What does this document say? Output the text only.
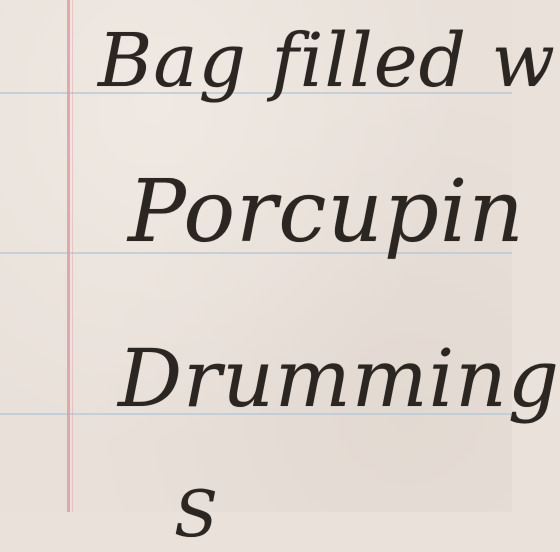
Bag filled w
Porcupin
Drumming
S
